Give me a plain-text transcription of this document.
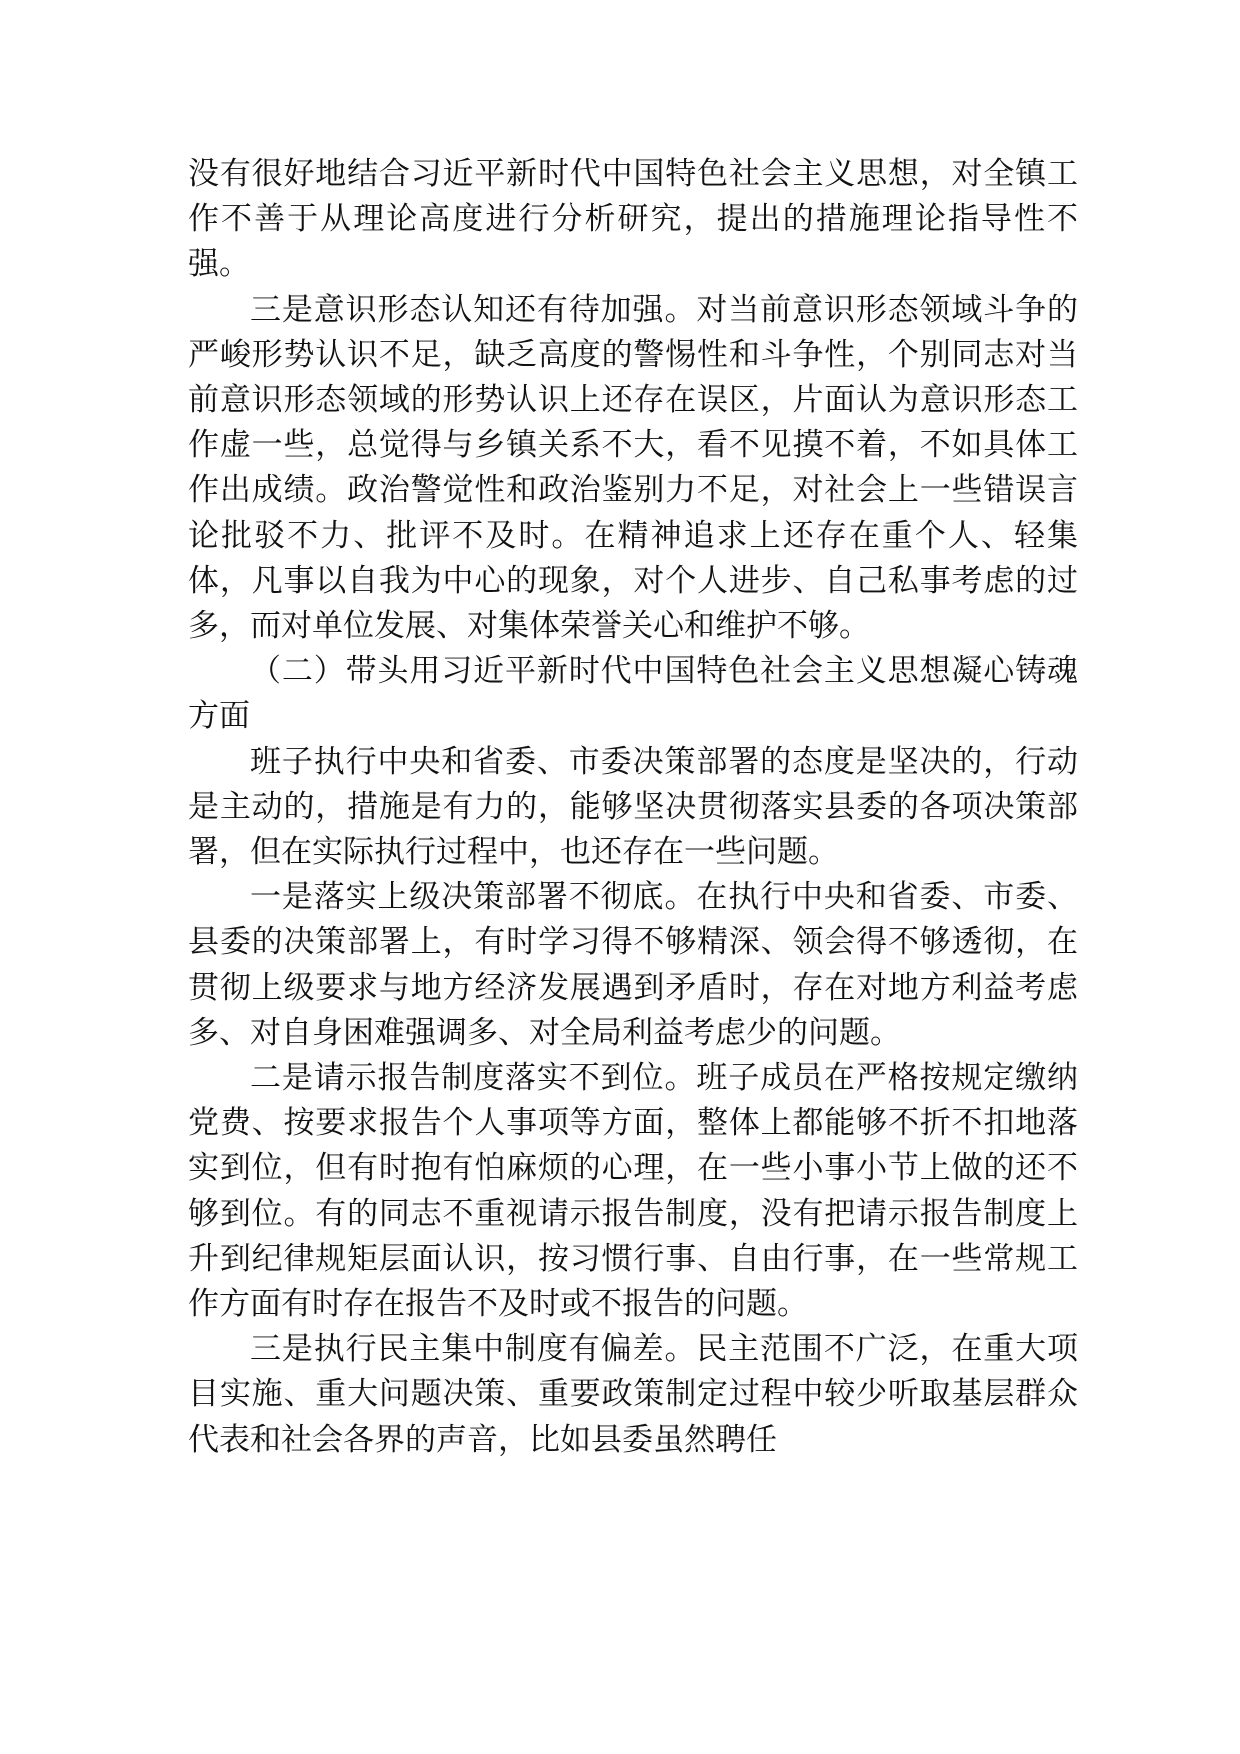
没有很好地结合习近平新时代中国特色社会主义思想，对全镇工作不善于从理论高度进行分析研究，提出的措施理论指导性不强。

三是意识形态认知还有待加强。对当前意识形态领域斗争的严峻形势认识不足，缺乏高度的警惕性和斗争性，个别同志对当前意识形态领域的形势认识上还存在误区，片面认为意识形态工作虚一些，总觉得与乡镇关系不大，看不见摸不着，不如具体工作出成绩。政治警觉性和政治鉴别力不足，对社会上一些错误言论批驳不力、批评不及时。在精神追求上还存在重个人、轻集体，凡事以自我为中心的现象，对个人进步、自己私事考虑的过多，而对单位发展、对集体荣誉关心和维护不够。

（二）带头用习近平新时代中国特色社会主义思想凝心铸魂方面

班子执行中央和省委、市委决策部署的态度是坚决的，行动是主动的，措施是有力的，能够坚决贯彻落实县委的各项决策部署，但在实际执行过程中，也还存在一些问题。

一是落实上级决策部署不彻底。在执行中央和省委、市委、县委的决策部署上，有时学习得不够精深、领会得不够透彻，在贯彻上级要求与地方经济发展遇到矛盾时，存在对地方利益考虑多、对自身困难强调多、对全局利益考虑少的问题。

二是请示报告制度落实不到位。班子成员在严格按规定缴纳党费、按要求报告个人事项等方面，整体上都能够不折不扣地落实到位，但有时抱有怕麻烦的心理，在一些小事小节上做的还不够到位。有的同志不重视请示报告制度，没有把请示报告制度上升到纪律规矩层面认识，按习惯行事、自由行事，在一些常规工作方面有时存在报告不及时或不报告的问题。

三是执行民主集中制度有偏差。民主范围不广泛，在重大项目实施、重大问题决策、重要政策制定过程中较少听取基层群众代表和社会各界的声音，比如县委虽然聘任
